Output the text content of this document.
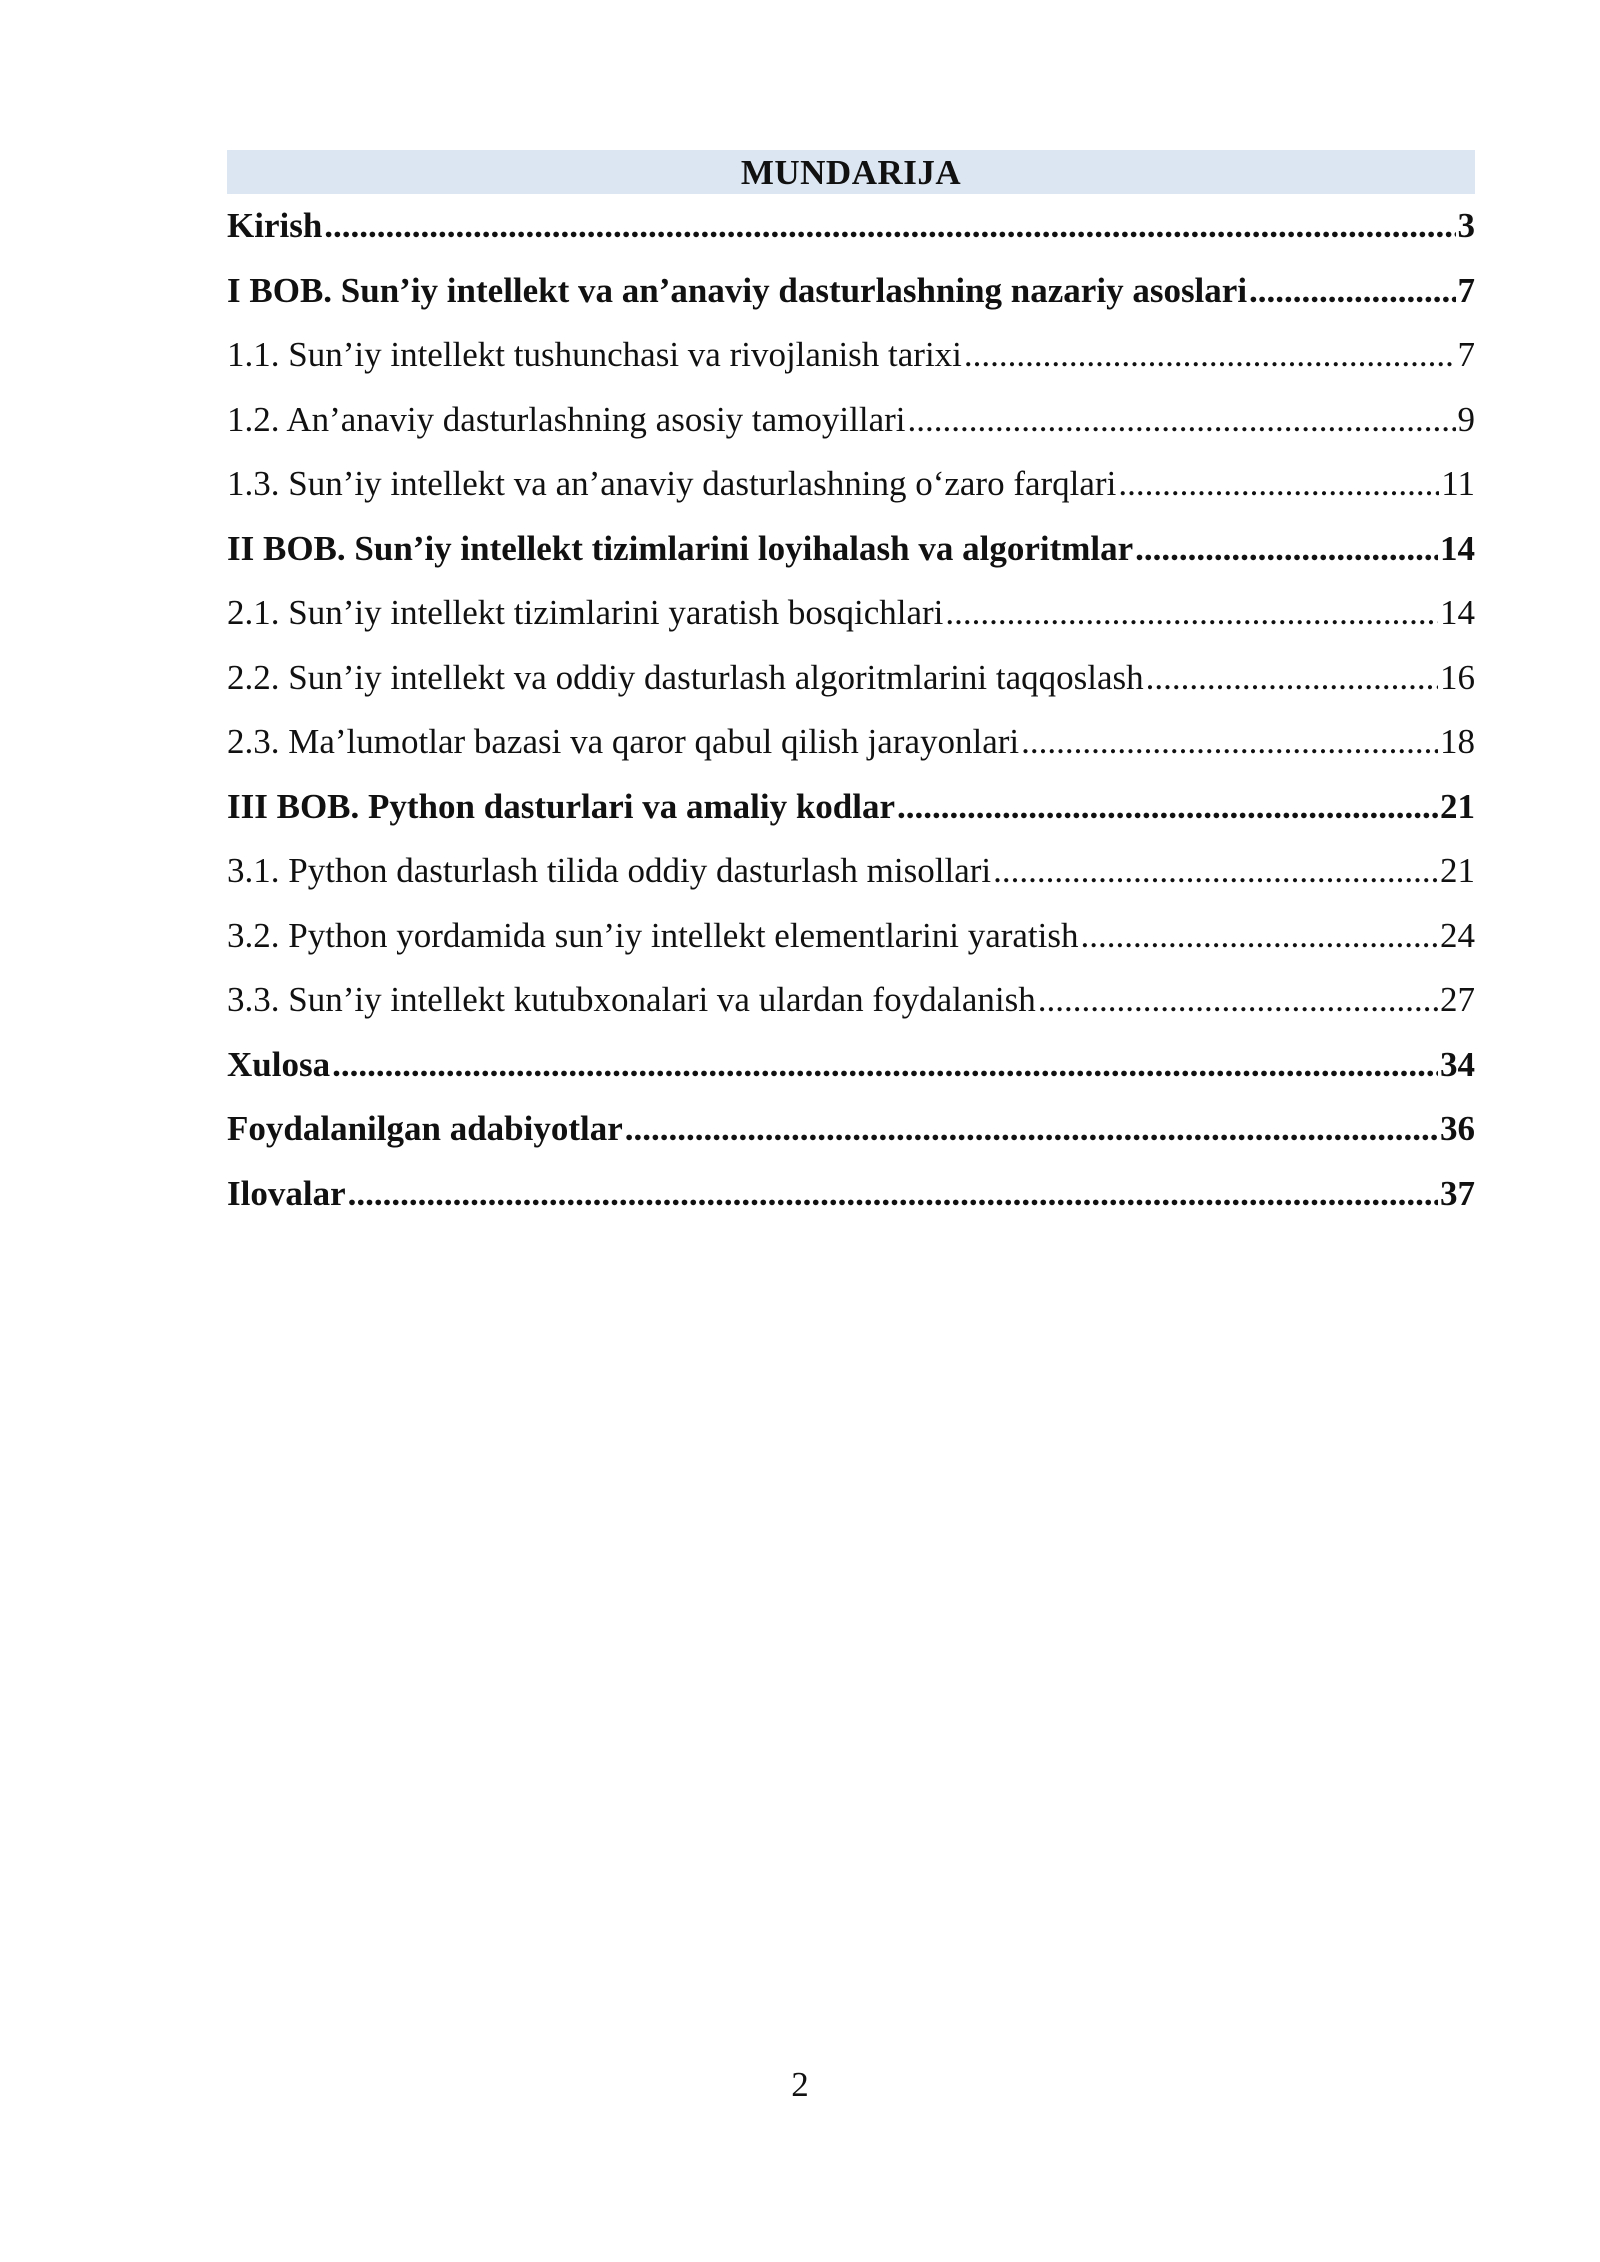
MUNDARIJA
Kirish .....	3
I BOB. Sun’iy intellekt va an’anaviy dasturlashning nazariy asoslari .....	7
1.1. Sun’iy intellekt tushunchasi va rivojlanish tarixi .....	7
1.2. An’anaviy dasturlashning asosiy tamoyillari .....	9
1.3. Sun’iy intellekt va an’anaviy dasturlashning o‘zaro farqlari .....	11
II BOB. Sun’iy intellekt tizimlarini loyihalash va algoritmlar .....	14
2.1. Sun’iy intellekt tizimlarini yaratish bosqichlari .....	14
2.2. Sun’iy intellekt va oddiy dasturlash algoritmlarini taqqoslash .....	16
2.3. Ma’lumotlar bazasi va qaror qabul qilish jarayonlari .....	18
III BOB. Python dasturlari va amaliy kodlar .....	21
3.1. Python dasturlash tilida oddiy dasturlash misollari .....	21
3.2. Python yordamida sun’iy intellekt elementlarini yaratish .....	24
3.3. Sun’iy intellekt kutubxonalari va ulardan foydalanish .....	27
Xulosa .....	34
Foydalanilgan adabiyotlar .....	36
Ilovalar .....	37
2
